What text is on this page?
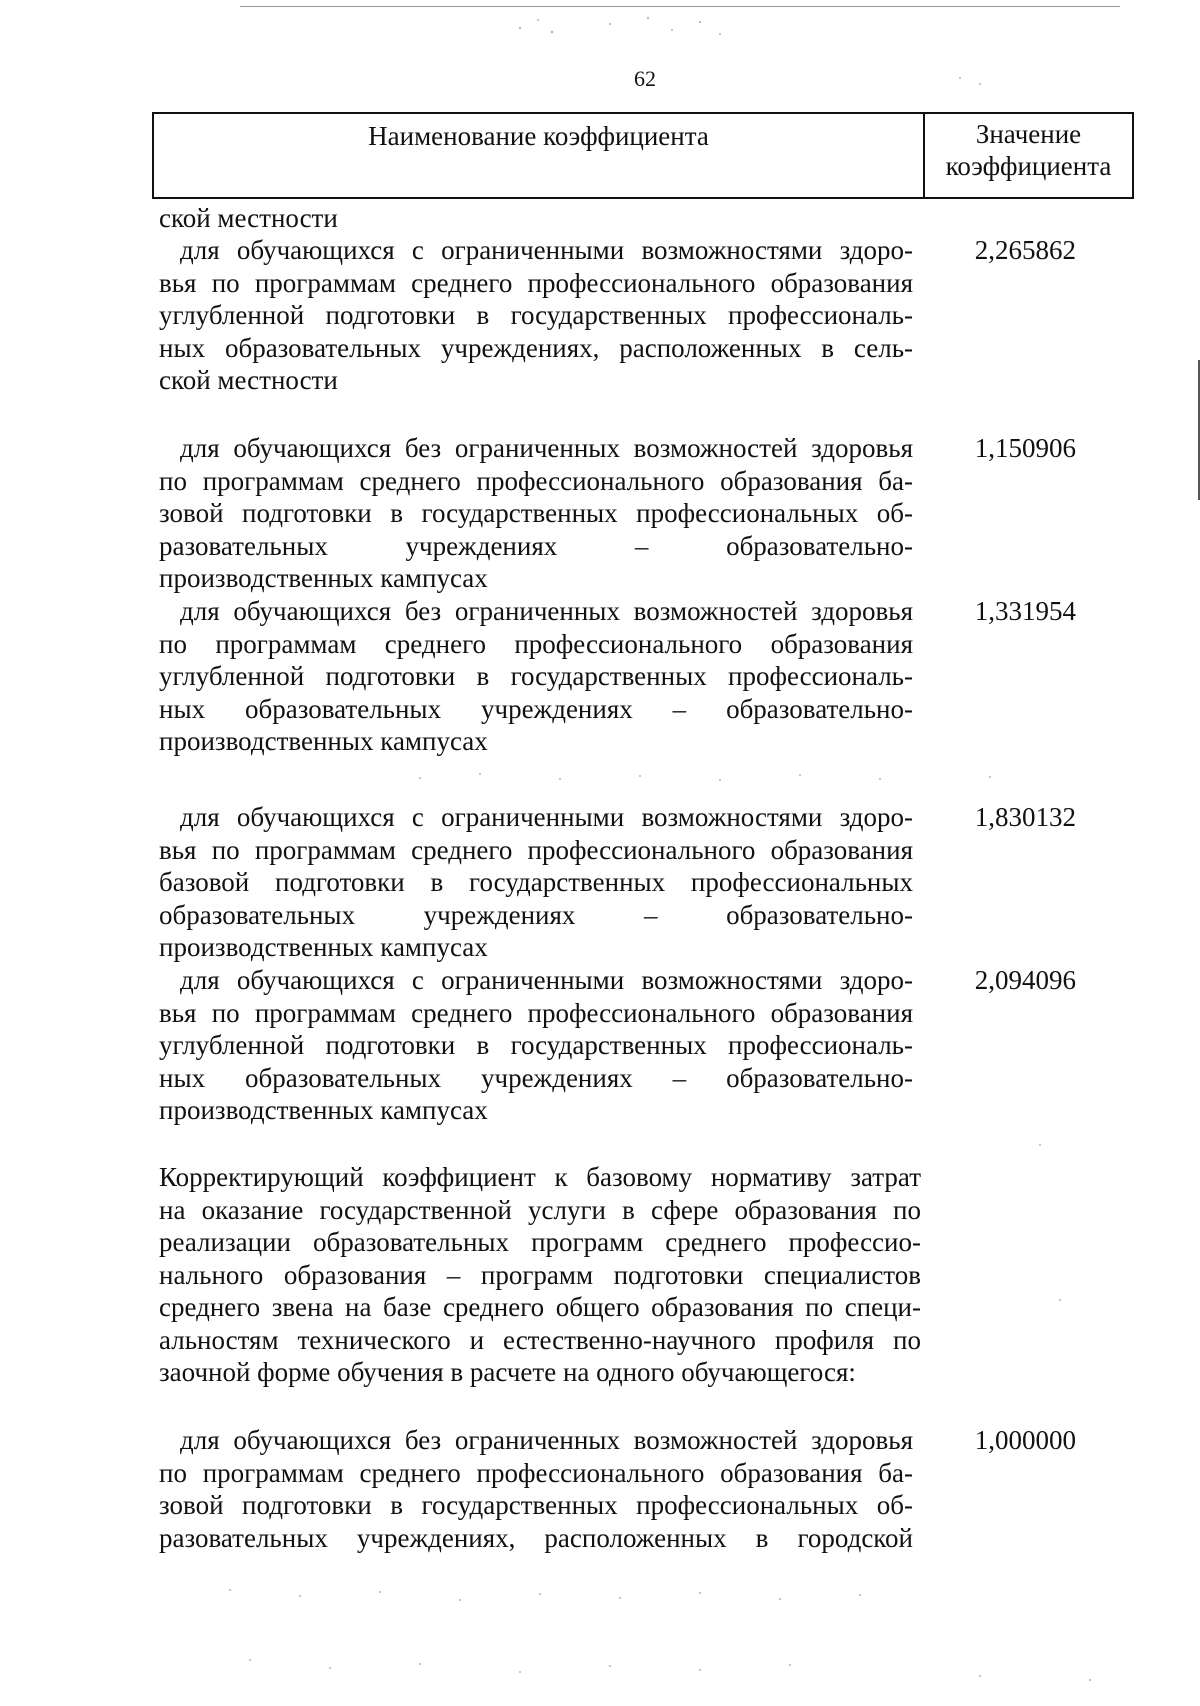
62
Наименование коэффициента	Значение
коэффициента
ской местности
для обучающихся с ограниченными возможностями здоро-
вья по программам среднего профессионального образования
углубленной подготовки в государственных профессиональ-
ных образовательных учреждениях, расположенных в сель-
ской местности
2,265862
для обучающихся без ограниченных возможностей здоровья
по программам среднего профессионального образования ба-
зовой подготовки в государственных профессиональных об-
разовательных учреждениях – образовательно-
производственных кампусах
1,150906
для обучающихся без ограниченных возможностей здоровья
по программам среднего профессионального образования
углубленной подготовки в государственных профессиональ-
ных образовательных учреждениях – образовательно-
производственных кампусах
1,331954
для обучающихся с ограниченными возможностями здоро-
вья по программам среднего профессионального образования
базовой подготовки в государственных профессиональных
образовательных учреждениях – образовательно-
производственных кампусах
1,830132
для обучающихся с ограниченными возможностями здоро-
вья по программам среднего профессионального образования
углубленной подготовки в государственных профессиональ-
ных образовательных учреждениях – образовательно-
производственных кампусах
2,094096
Корректирующий коэффициент к базовому нормативу затрат
на оказание государственной услуги в сфере образования по
реализации образовательных программ среднего профессио-
нального образования – программ подготовки специалистов
среднего звена на базе среднего общего образования по специ-
альностям технического и естественно-научного профиля по
заочной форме обучения в расчете на одного обучающегося:
для обучающихся без ограниченных возможностей здоровья
по программам среднего профессионального образования ба-
зовой подготовки в государственных профессиональных об-
разовательных учреждениях, расположенных в городской
1,000000
